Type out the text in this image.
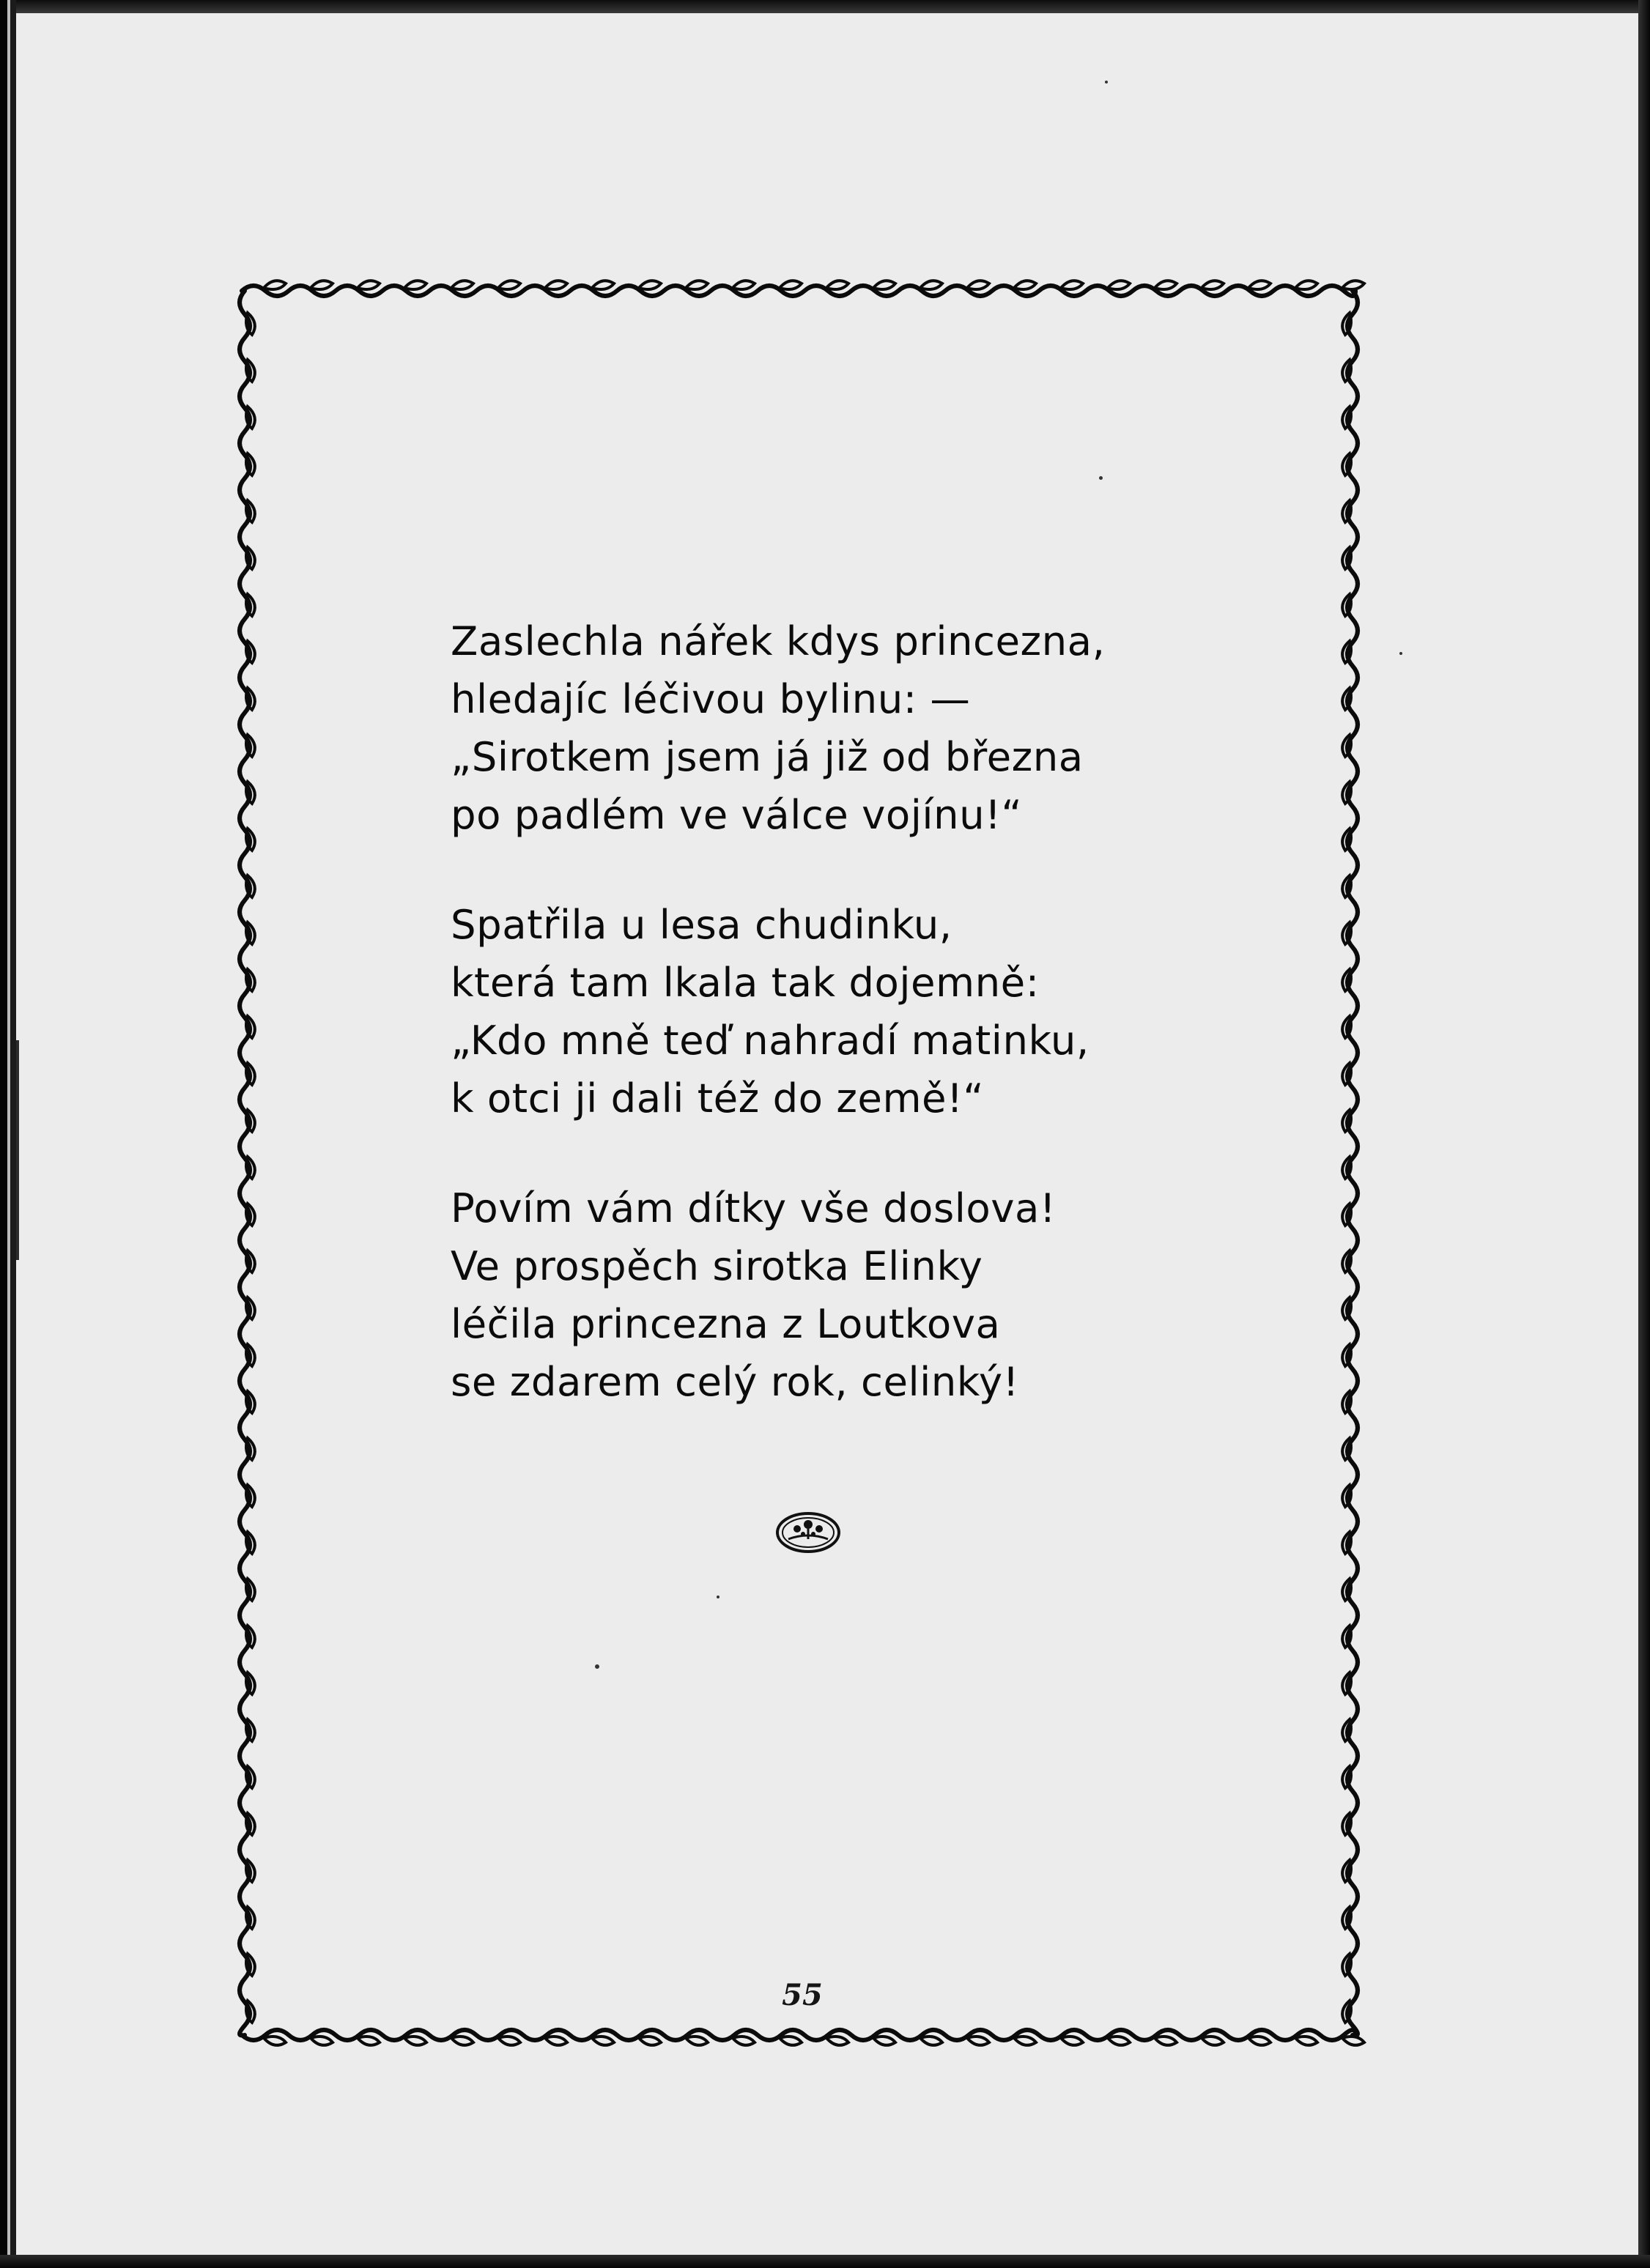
Zaslechla nářek kdys princezna,
hledajíc léčivou bylinu: —
„Sirotkem jsem já již od března
po padlém ve válce vojínu!“
Spatřila u lesa chudinku,
která tam lkala tak dojemně:
„Kdo mně teď nahradí matinku,
k otci ji dali též do země!“
Povím vám dítky vše doslova!
Ve prospěch sirotka Elinky
léčila princezna z Loutkova
se zdarem celý rok, celinký!
55
